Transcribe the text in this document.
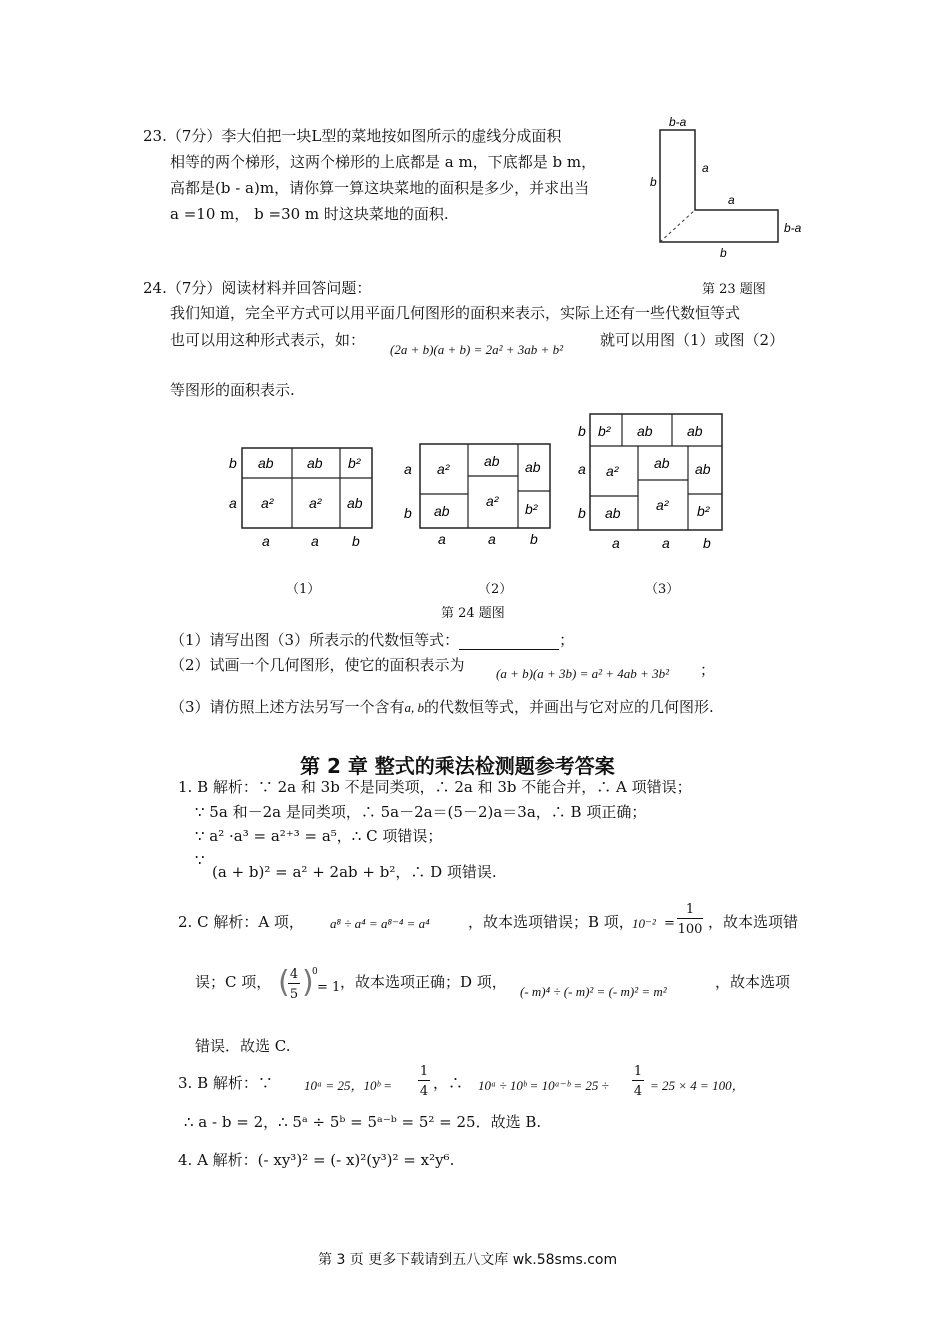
23.（7分）李大伯把一块L型的菜地按如图所示的虚线分成面积
相等的两个梯形，这两个梯形的上底都是 a m，下底都是 b m，
高都是(b - a)m，请你算一算这块菜地的面积是多少，并求出当
a =10 m， b =30 m 时这块菜地的面积.
b-a
b
a
a
b-a
b
第 23 题图
24.（7分）阅读材料并回答问题：
我们知道，完全平方式可以用平面几何图形的面积来表示，实际上还有一些代数恒等式
也可以用这种形式表示，如：
(2a + b)(a + b) = 2a² + 3ab + b²
就可以用图（1）或图（2）
等图形的面积表示.
ab ab b²
a²	a² ab
b
a
a	a b
a² ab ab
a²
ab	b²
a
b
a	a b
b² ab ab
a²	ab ab
ab	a² b²
b
a
b
a	a b
（1）	（2）	（3）
第 24 题图
（1）请写出图（3）所表示的代数恒等式：	；
（2）试画一个几何图形，使它的面积表示为 (a + b)(a + 3b) = a² + 4ab + 3b² ；
（3）请仿照上述方法另写一个含有a, b的代数恒等式，并画出与它对应的几何图形.
第 2 章 整式的乘法检测题参考答案
1. B 解析：∵ 2a 和 3b 不是同类项，∴ 2a 和 3b 不能合并，∴ A 项错误；
∵ 5a 和－2a 是同类项，∴ 5a－2a＝(5－2)a＝3a，∴ B 项正确；
∵ a² ·a³ = a²⁺³ = a⁵，∴ C 项错误；
∵
(a + b)² = a² + 2ab + b²，∴ D 项错误.
2. C 解析：A 项， a⁸ ÷ a⁴ = a⁸⁻⁴ = a⁴	，故本选项错误；B 项，
10⁻² =
1
100 ，故本选项错
误；C 项， ( 4
5 )
0
= 1 ，故本选项正确；D 项，
(- m)⁴ ÷ (- m)² = (- m)² = m²
，故本选项
错误．故选 C.
3. B 解析：∵ 10ᵃ = 25，10ᵇ =
1
4 ，∴ 10ᵃ ÷ 10ᵇ = 10ᵃ⁻ᵇ = 25 ÷
1
4 = 25 × 4 = 100，
∴ a - b = 2，∴ 5ᵃ ÷ 5ᵇ = 5ᵃ⁻ᵇ = 5² = 25．故选 B.
4. A 解析：(- xy³)² = (- x)²(y³)² = x²y⁶.
第 3 页 更多下载请到五八文库 wk.58sms.com
